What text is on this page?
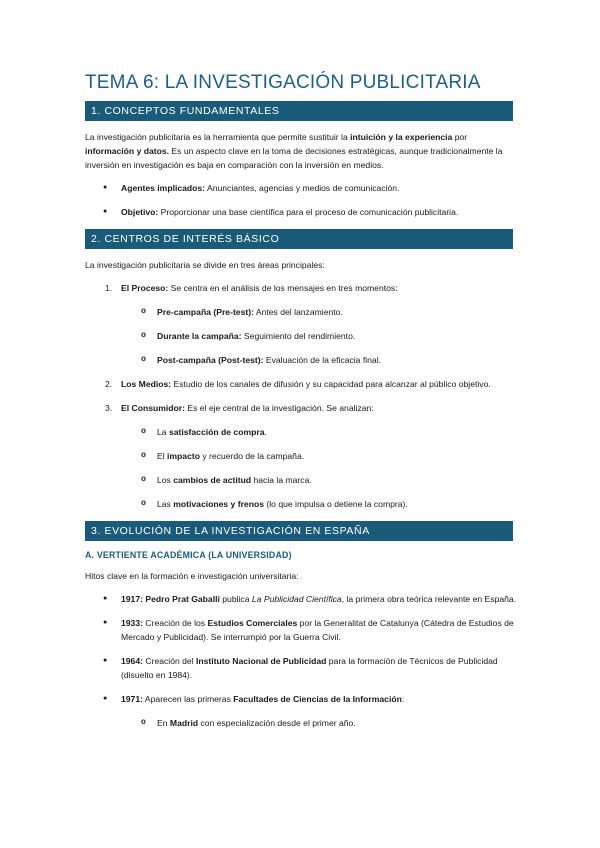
TEMA 6: LA INVESTIGACIÓN PUBLICITARIA
1. CONCEPTOS FUNDAMENTALES

La investigación publicitaria es la herramienta que permite sustituir la intuición y la experiencia por información y datos. Es un aspecto clave en la toma de decisiones estratégicas, aunque tradicionalmente la inversión en investigación es baja en comparación con la inversión en medios.

● Agentes implicados: Anunciantes, agencias y medios de comunicación.
● Objetivo: Proporcionar una base científica para el proceso de comunicación publicitaria.
2. CENTROS DE INTERÉS BÁSICO

La investigación publicitaria se divide en tres áreas principales:

1. El Proceso: Se centra en el análisis de los mensajes en tres momentos:
o Pre-campaña (Pre-test): Antes del lanzamiento.
o Durante la campaña: Seguimiento del rendimiento.
o Post-campaña (Post-test): Evaluación de la eficacia final.
2. Los Medios: Estudio de los canales de difusión y su capacidad para alcanzar al público objetivo.
3. El Consumidor: Es el eje central de la investigación. Se analizan:
o La satisfacción de compra.
o El impacto y recuerdo de la campaña.
o Los cambios de actitud hacia la marca.
o Las motivaciones y frenos (lo que impulsa o detiene la compra).
3. EVOLUCIÓN DE LA INVESTIGACIÓN EN ESPAÑA
A. VERTIENTE ACADÉMICA (LA UNIVERSIDAD)

Hitos clave en la formación e investigación universitaria:

● 1917: Pedro Prat Gaballí publica La Publicidad Científica, la primera obra teórica relevante en España.
● 1933: Creación de los Estudios Comerciales por la Generalitat de Catalunya (Cátedra de Estudios de Mercado y Publicidad). Se interrumpió por la Guerra Civil.
● 1964: Creación del Instituto Nacional de Publicidad para la formación de Técnicos de Publicidad (disuelto en 1984).
● 1971: Aparecen las primeras Facultades de Ciencias de la Información:
o En Madrid con especialización desde el primer año.
